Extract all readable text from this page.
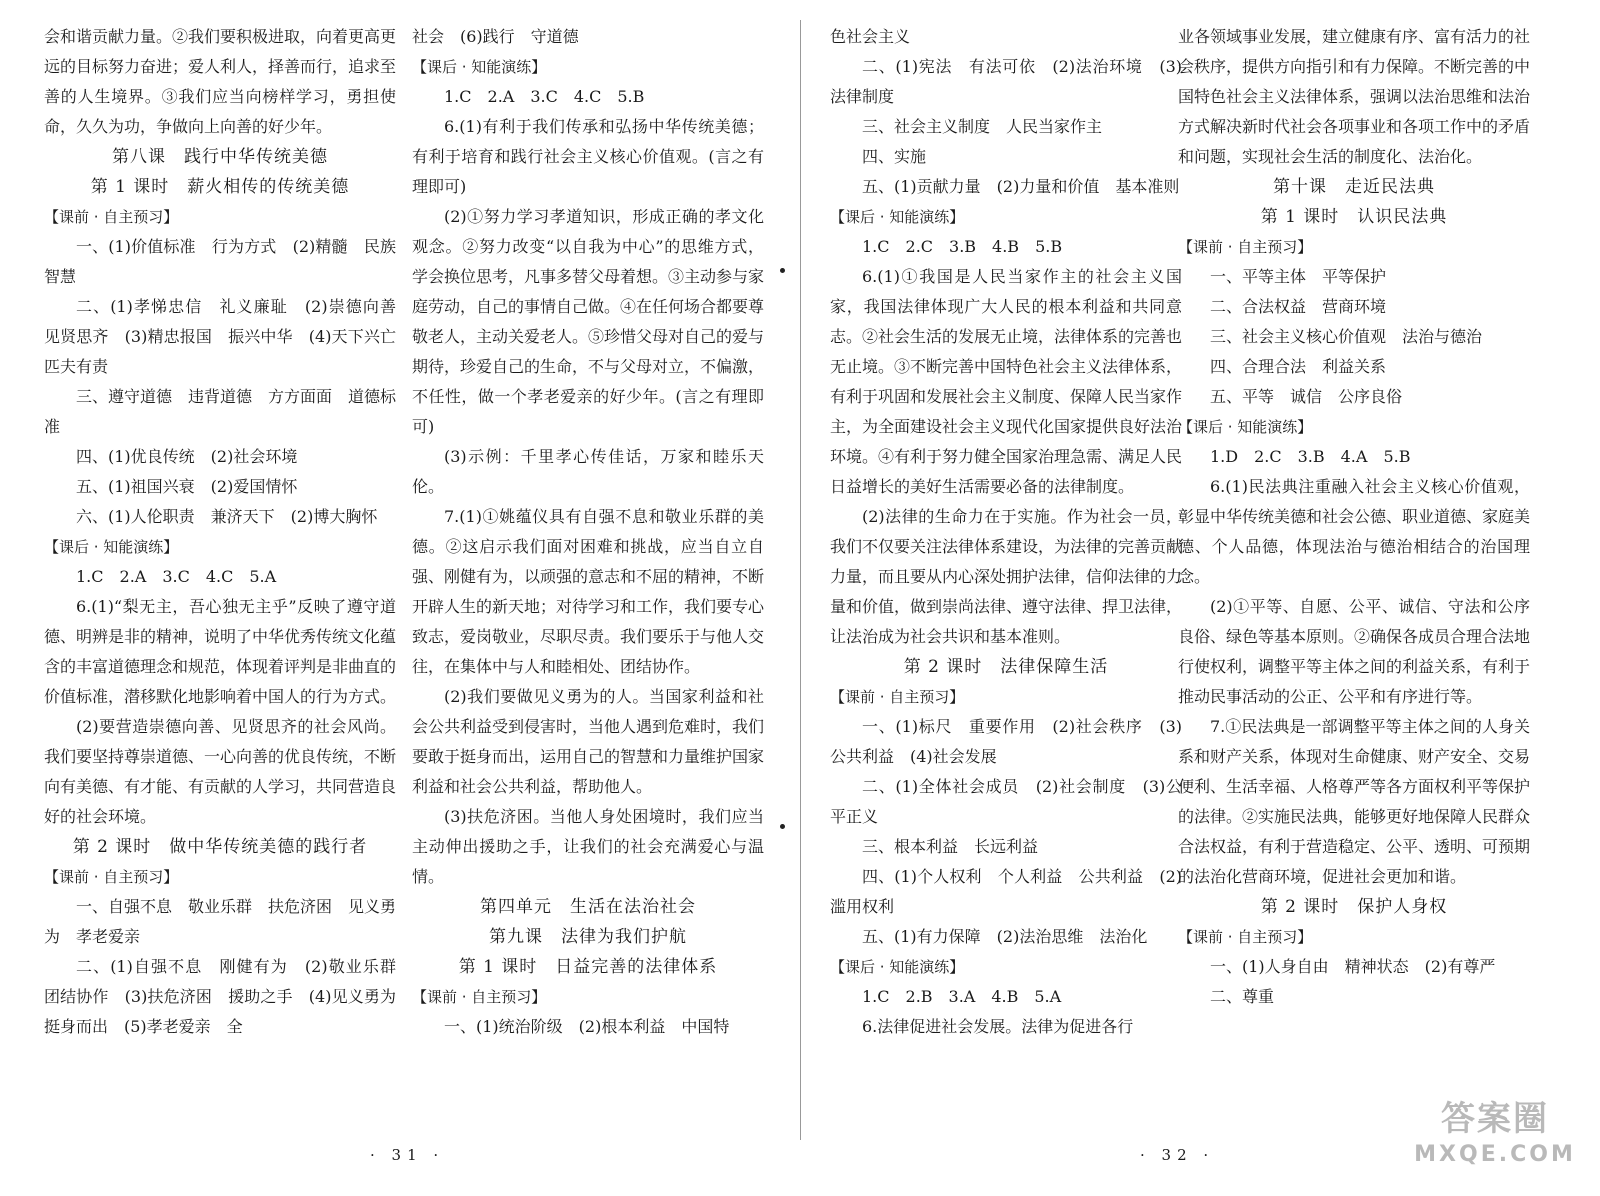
会和谐贡献力量。②我们要积极进取，向着更高更远的目标努力奋进；爱人利人，择善而行，追求至善的人生境界。③我们应当向榜样学习，勇担使命，久久为功，争做向上向善的好少年。

第八课　践行中华传统美德

第 1 课时　薪火相传的传统美德

【课前 · 自主预习】

一、(1)价值标准　行为方式　(2)精髓　民族智慧

二、(1)孝悌忠信　礼义廉耻　(2)崇德向善　见贤思齐　(3)精忠报国　振兴中华　(4)天下兴亡　匹夫有责

三、遵守道德　违背道德　方方面面　道德标准

四、(1)优良传统　(2)社会环境

五、(1)祖国兴衰　(2)爱国情怀

六、(1)人伦职责　兼济天下　(2)博大胸怀

【课后 · 知能演练】

1.C　2.A　3.C　4.C　5.A

6.(1)“梨无主，吾心独无主乎”反映了遵守道德、明辨是非的精神，说明了中华优秀传统文化蕴含的丰富道德理念和规范，体现着评判是非曲直的价值标准，潜移默化地影响着中国人的行为方式。

(2)要营造崇德向善、见贤思齐的社会风尚。我们要坚持尊崇道德、一心向善的优良传统，不断向有美德、有才能、有贡献的人学习，共同营造良好的社会环境。

第 2 课时　做中华传统美德的践行者

【课前 · 自主预习】

一、自强不息　敬业乐群　扶危济困　见义勇为　孝老爱亲

二、(1)自强不息　刚健有为　(2)敬业乐群　团结协作　(3)扶危济困　援助之手　(4)见义勇为　挺身而出　(5)孝老爱亲　全

社会　(6)践行　守道德

【课后 · 知能演练】

1.C　2.A　3.C　4.C　5.B

6.(1)有利于我们传承和弘扬中华传统美德；有利于培育和践行社会主义核心价值观。(言之有理即可)

(2)①努力学习孝道知识，形成正确的孝文化观念。②努力改变“以自我为中心”的思维方式，学会换位思考，凡事多替父母着想。③主动参与家庭劳动，自己的事情自己做。④在任何场合都要尊敬老人，主动关爱老人。⑤珍惜父母对自己的爱与期待，珍爱自己的生命，不与父母对立，不偏激，不任性，做一个孝老爱亲的好少年。(言之有理即可)

(3)示例：千里孝心传佳话，万家和睦乐天伦。

7.(1)①姚蕴仪具有自强不息和敬业乐群的美德。②这启示我们面对困难和挑战，应当自立自强、刚健有为，以顽强的意志和不屈的精神，不断开辟人生的新天地；对待学习和工作，我们要专心致志，爱岗敬业，尽职尽责。我们要乐于与他人交往，在集体中与人和睦相处、团结协作。

(2)我们要做见义勇为的人。当国家利益和社会公共利益受到侵害时，当他人遇到危难时，我们要敢于挺身而出，运用自己的智慧和力量维护国家利益和社会公共利益，帮助他人。

(3)扶危济困。当他人身处困境时，我们应当主动伸出援助之手，让我们的社会充满爱心与温情。

第四单元　生活在法治社会

第九课　法律为我们护航

第 1 课时　日益完善的法律体系

【课前 · 自主预习】

一、(1)统治阶级　(2)根本利益　中国特

色社会主义

二、(1)宪法　有法可依　(2)法治环境　(3)法律制度

三、社会主义制度　人民当家作主

四、实施

五、(1)贡献力量　(2)力量和价值　基本准则

【课后 · 知能演练】

1.C　2.C　3.B　4.B　5.B

6.(1)①我国是人民当家作主的社会主义国家，我国法律体现广大人民的根本利益和共同意志。②社会生活的发展无止境，法律体系的完善也无止境。③不断完善中国特色社会主义法律体系，有利于巩固和发展社会主义制度、保障人民当家作主，为全面建设社会主义现代化国家提供良好法治环境。④有利于努力健全国家治理急需、满足人民日益增长的美好生活需要必备的法律制度。

(2)法律的生命力在于实施。作为社会一员，我们不仅要关注法律体系建设，为法律的完善贡献力量，而且要从内心深处拥护法律，信仰法律的力量和价值，做到崇尚法律、遵守法律、捍卫法律，让法治成为社会共识和基本准则。

第 2 课时　法律保障生活

【课前 · 自主预习】

一、(1)标尺　重要作用　(2)社会秩序　(3)公共利益　(4)社会发展

二、(1)全体社会成员　(2)社会制度　(3)公平正义

三、根本利益　长远利益

四、(1)个人权利　个人利益　公共利益　(2)滥用权利

五、(1)有力保障　(2)法治思维　法治化

【课后 · 知能演练】

1.C　2.B　3.A　4.B　5.A

6.法律促进社会发展。法律为促进各行

业各领域事业发展，建立健康有序、富有活力的社会秩序，提供方向指引和有力保障。不断完善的中国特色社会主义法律体系，强调以法治思维和法治方式解决新时代社会各项事业和各项工作中的矛盾和问题，实现社会生活的制度化、法治化。

第十课　走近民法典

第 1 课时　认识民法典

【课前 · 自主预习】

一、平等主体　平等保护

二、合法权益　营商环境

三、社会主义核心价值观　法治与德治

四、合理合法　利益关系

五、平等　诚信　公序良俗

【课后 · 知能演练】

1.D　2.C　3.B　4.A　5.B

6.(1)民法典注重融入社会主义核心价值观，彰显中华传统美德和社会公德、职业道德、家庭美德、个人品德，体现法治与德治相结合的治国理念。

(2)①平等、自愿、公平、诚信、守法和公序良俗、绿色等基本原则。②确保各成员合理合法地行使权利，调整平等主体之间的利益关系，有利于推动民事活动的公正、公平和有序进行等。

7.①民法典是一部调整平等主体之间的人身关系和财产关系，体现对生命健康、财产安全、交易便利、生活幸福、人格尊严等各方面权利平等保护的法律。②实施民法典，能够更好地保障人民群众合法权益，有利于营造稳定、公平、透明、可预期的法治化营商环境，促进社会更加和谐。

第 2 课时　保护人身权

【课前 · 自主预习】

一、(1)人身自由　精神状态　(2)有尊严

二、尊重

· 31 ·	· 32 ·
答案圈
MXQE.COM
